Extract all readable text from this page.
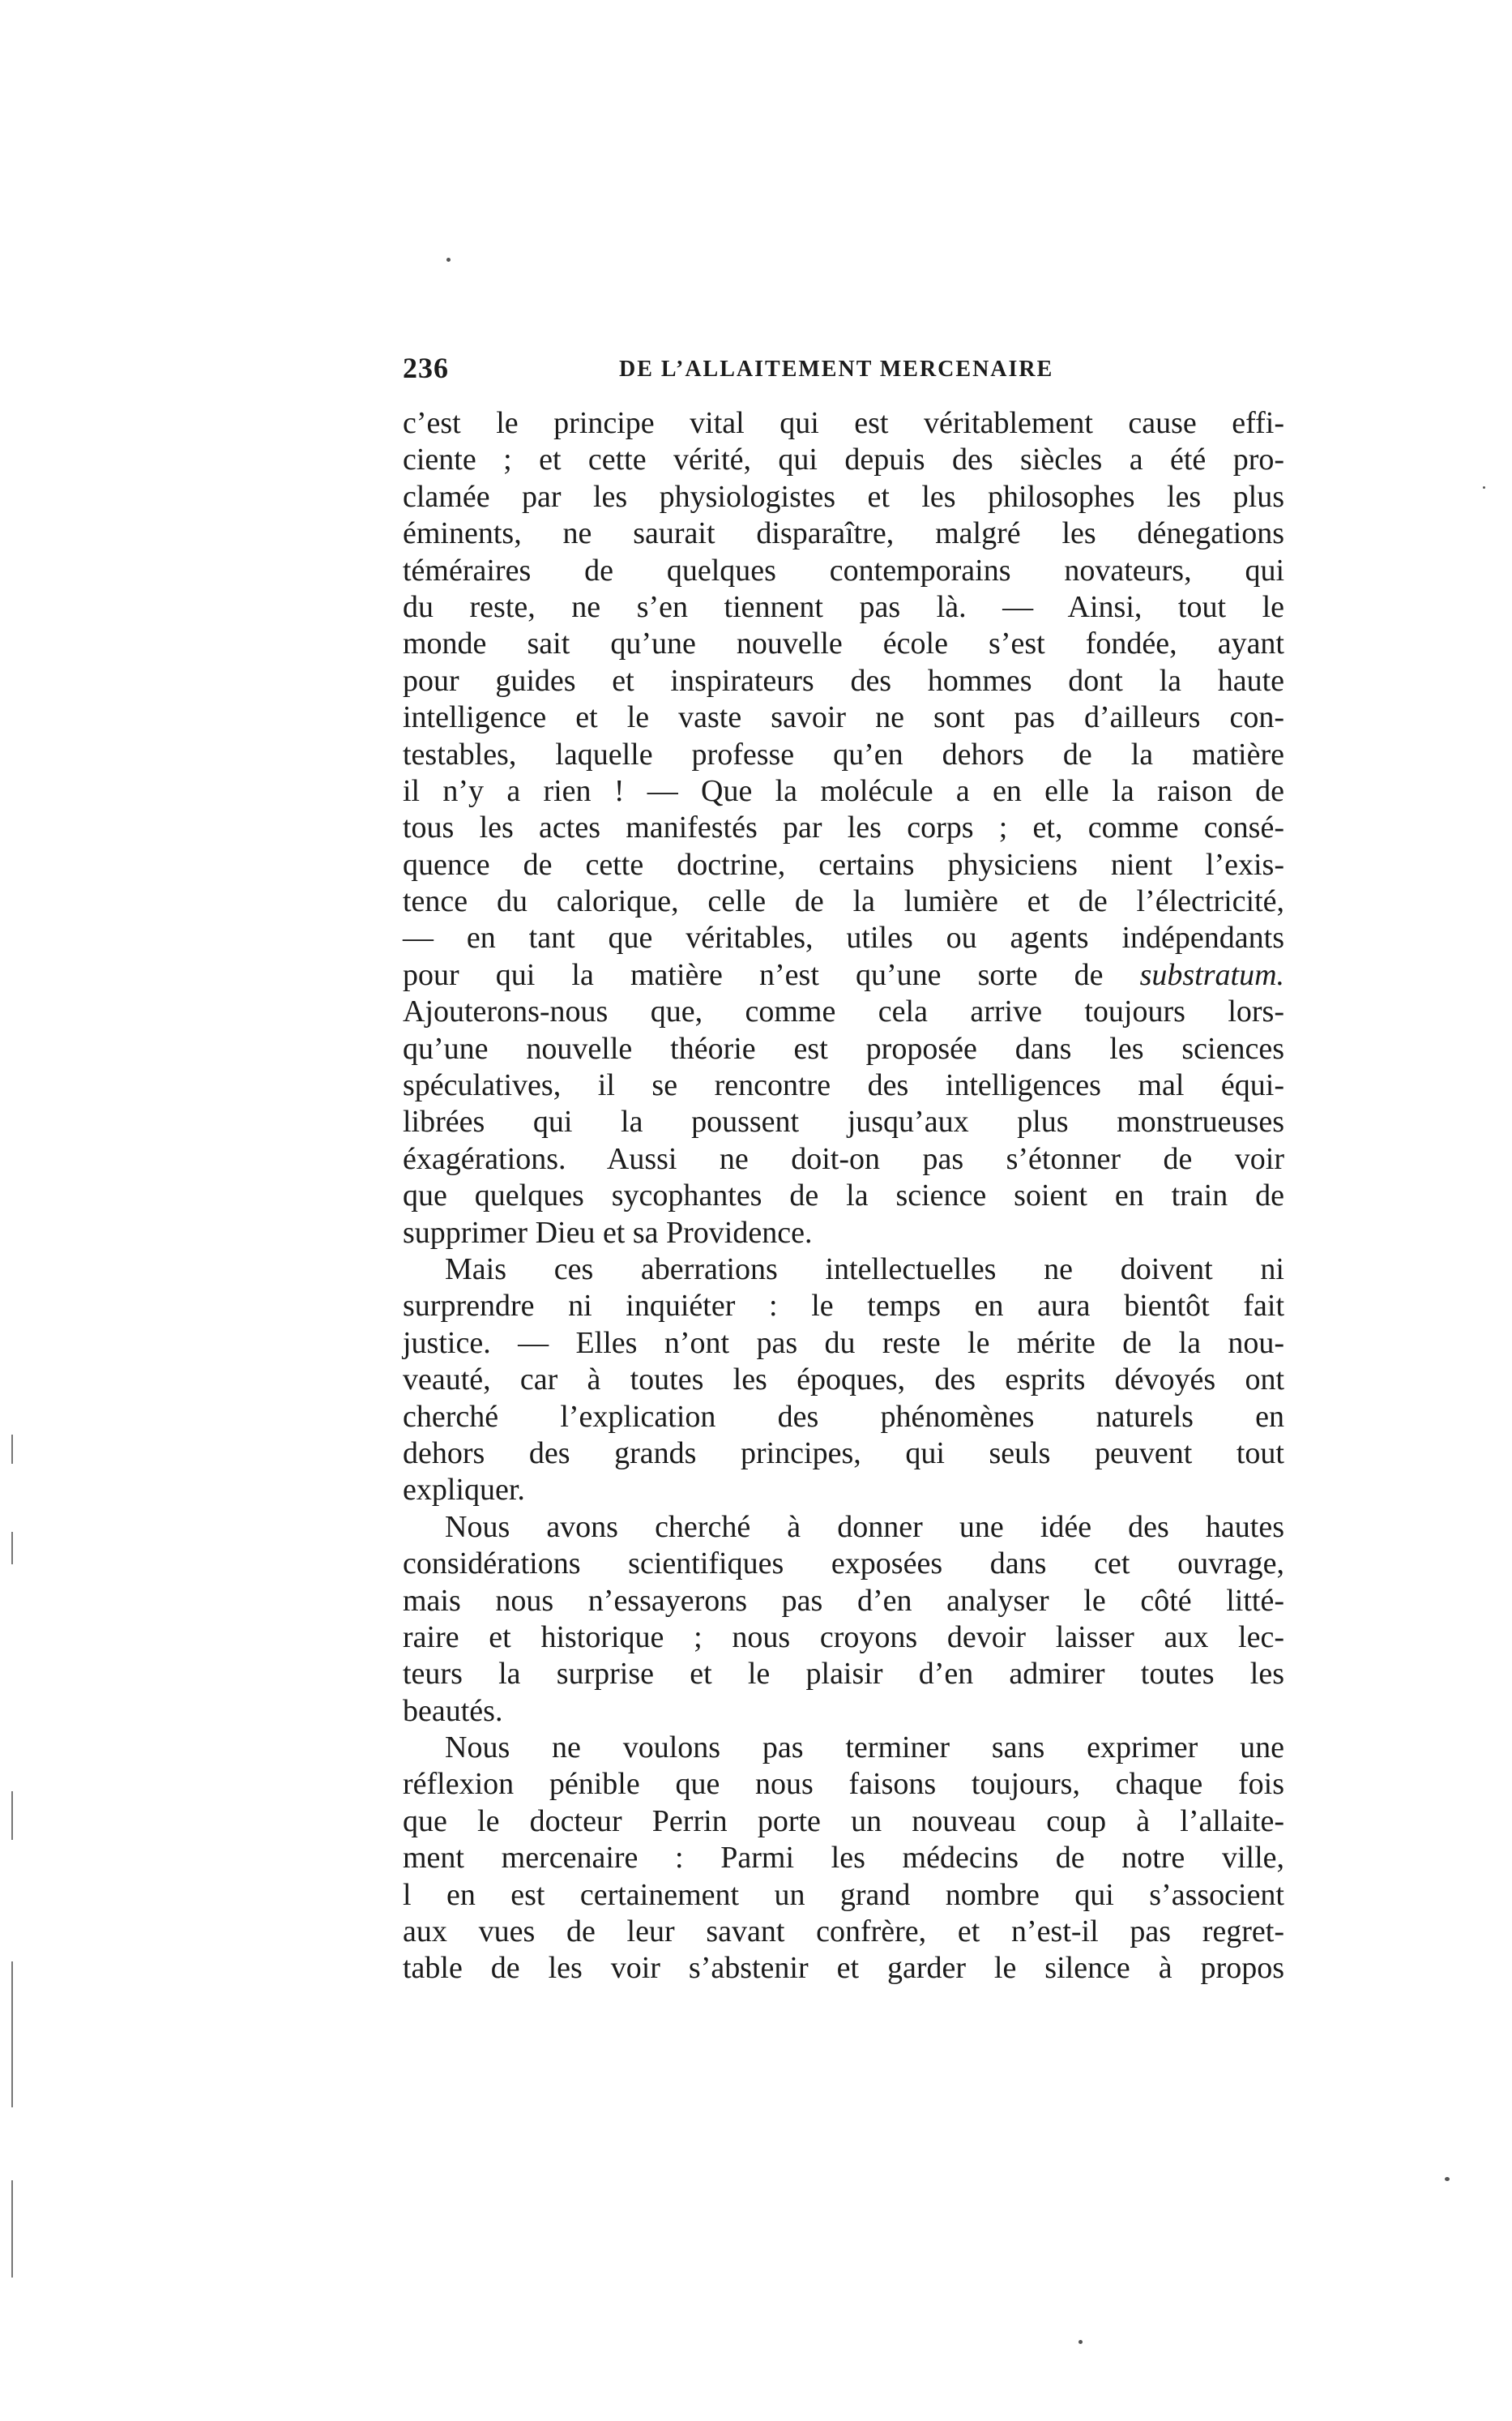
236	DE L’ALLAITEMENT MERCENAIRE
c’est le principe vital qui est véritablement cause effi-
ciente ; et cette vérité, qui depuis des siècles a été pro-
clamée par les physiologistes et les philosophes les plus
éminents, ne saurait disparaître, malgré les dénegations
téméraires de quelques contemporains novateurs, qui
du reste, ne s’en tiennent pas là. — Ainsi, tout le
monde sait qu’une nouvelle école s’est fondée, ayant
pour guides et inspirateurs des hommes dont la haute
intelligence et le vaste savoir ne sont pas d’ailleurs con-
testables, laquelle professe qu’en dehors de la matière
il n’y a rien ! — Que la molécule a en elle la raison de
tous les actes manifestés par les corps ; et, comme consé-
quence de cette doctrine, certains physiciens nient l’exis-
tence du calorique, celle de la lumière et de l’électricité,
— en tant que véritables, utiles ou agents indépendants
pour qui la matière n’est qu’une sorte de substratum.
Ajouterons-nous que, comme cela arrive toujours lors-
qu’une nouvelle théorie est proposée dans les sciences
spéculatives, il se rencontre des intelligences mal équi-
librées qui la poussent jusqu’aux plus monstrueuses
éxagérations. Aussi ne doit-on pas s’étonner de voir
que quelques sycophantes de la science soient en train de
supprimer Dieu et sa Providence.
Mais ces aberrations intellectuelles ne doivent ni
surprendre ni inquiéter : le temps en aura bientôt fait
justice. — Elles n’ont pas du reste le mérite de la nou-
veauté, car à toutes les époques, des esprits dévoyés ont
cherché l’explication des phénomènes naturels en
dehors des grands principes, qui seuls peuvent tout
expliquer.
Nous avons cherché à donner une idée des hautes
considérations scientifiques exposées dans cet ouvrage,
mais nous n’essayerons pas d’en analyser le côté litté-
raire et historique ; nous croyons devoir laisser aux lec-
teurs la surprise et le plaisir d’en admirer toutes les
beautés.
Nous ne voulons pas terminer sans exprimer une
réflexion pénible que nous faisons toujours, chaque fois
que le docteur Perrin porte un nouveau coup à l’allaite-
ment mercenaire : Parmi les médecins de notre ville,
l en est certainement un grand nombre qui s’associent
aux vues de leur savant confrère, et n’est-il pas regret-
table de les voir s’abstenir et garder le silence à propos
